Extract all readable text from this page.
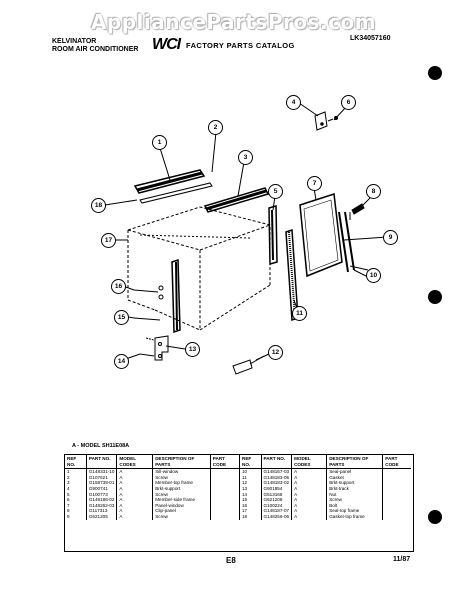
AppliancePartsPros.com
KELVINATOR
ROOM AIR CONDITIONER WCI FACTORY PARTS CATALOG
LK34057160
1
2
3
4	6
5
7
8
9
10
11
12
13
14
15
16
17
18
A - MODEL SH11E08A
REF NO.	PART NO.	MODEL CODES	DESCRIPTION OF PARTS	PART CODE
1	G148331-10	A	Sill-window	
2	G107621	A	Screw	
3	G158738-01	A	Member-top frame	
4	G900741	A	Brkt-support	
5	G100773	A	Screw	
6	G148186-02	A	Member-side frame	
7	G148262-03	A	Panel-window	
8	G117313	A	Clip-panel	
9	G621205	A	Screw	
REF NO.	PART NO.	MODEL CODES	DESCRIPTION OF PARTS	PART CODE
10	G148167-03	A	Seal-panel	
11	G148183-05	A	Gasket	
12	G148183-02	A	Brkt-support	
13	G601854	A	Brkt-track	
14	G513168	A	Nut	
15	G621208	A	Screw	
16	G100224	A	Bolt	
17	G148187-07	A	Seal-top frame	
18	G148256-06	A	Gasket-top frame	
E8	11/87
